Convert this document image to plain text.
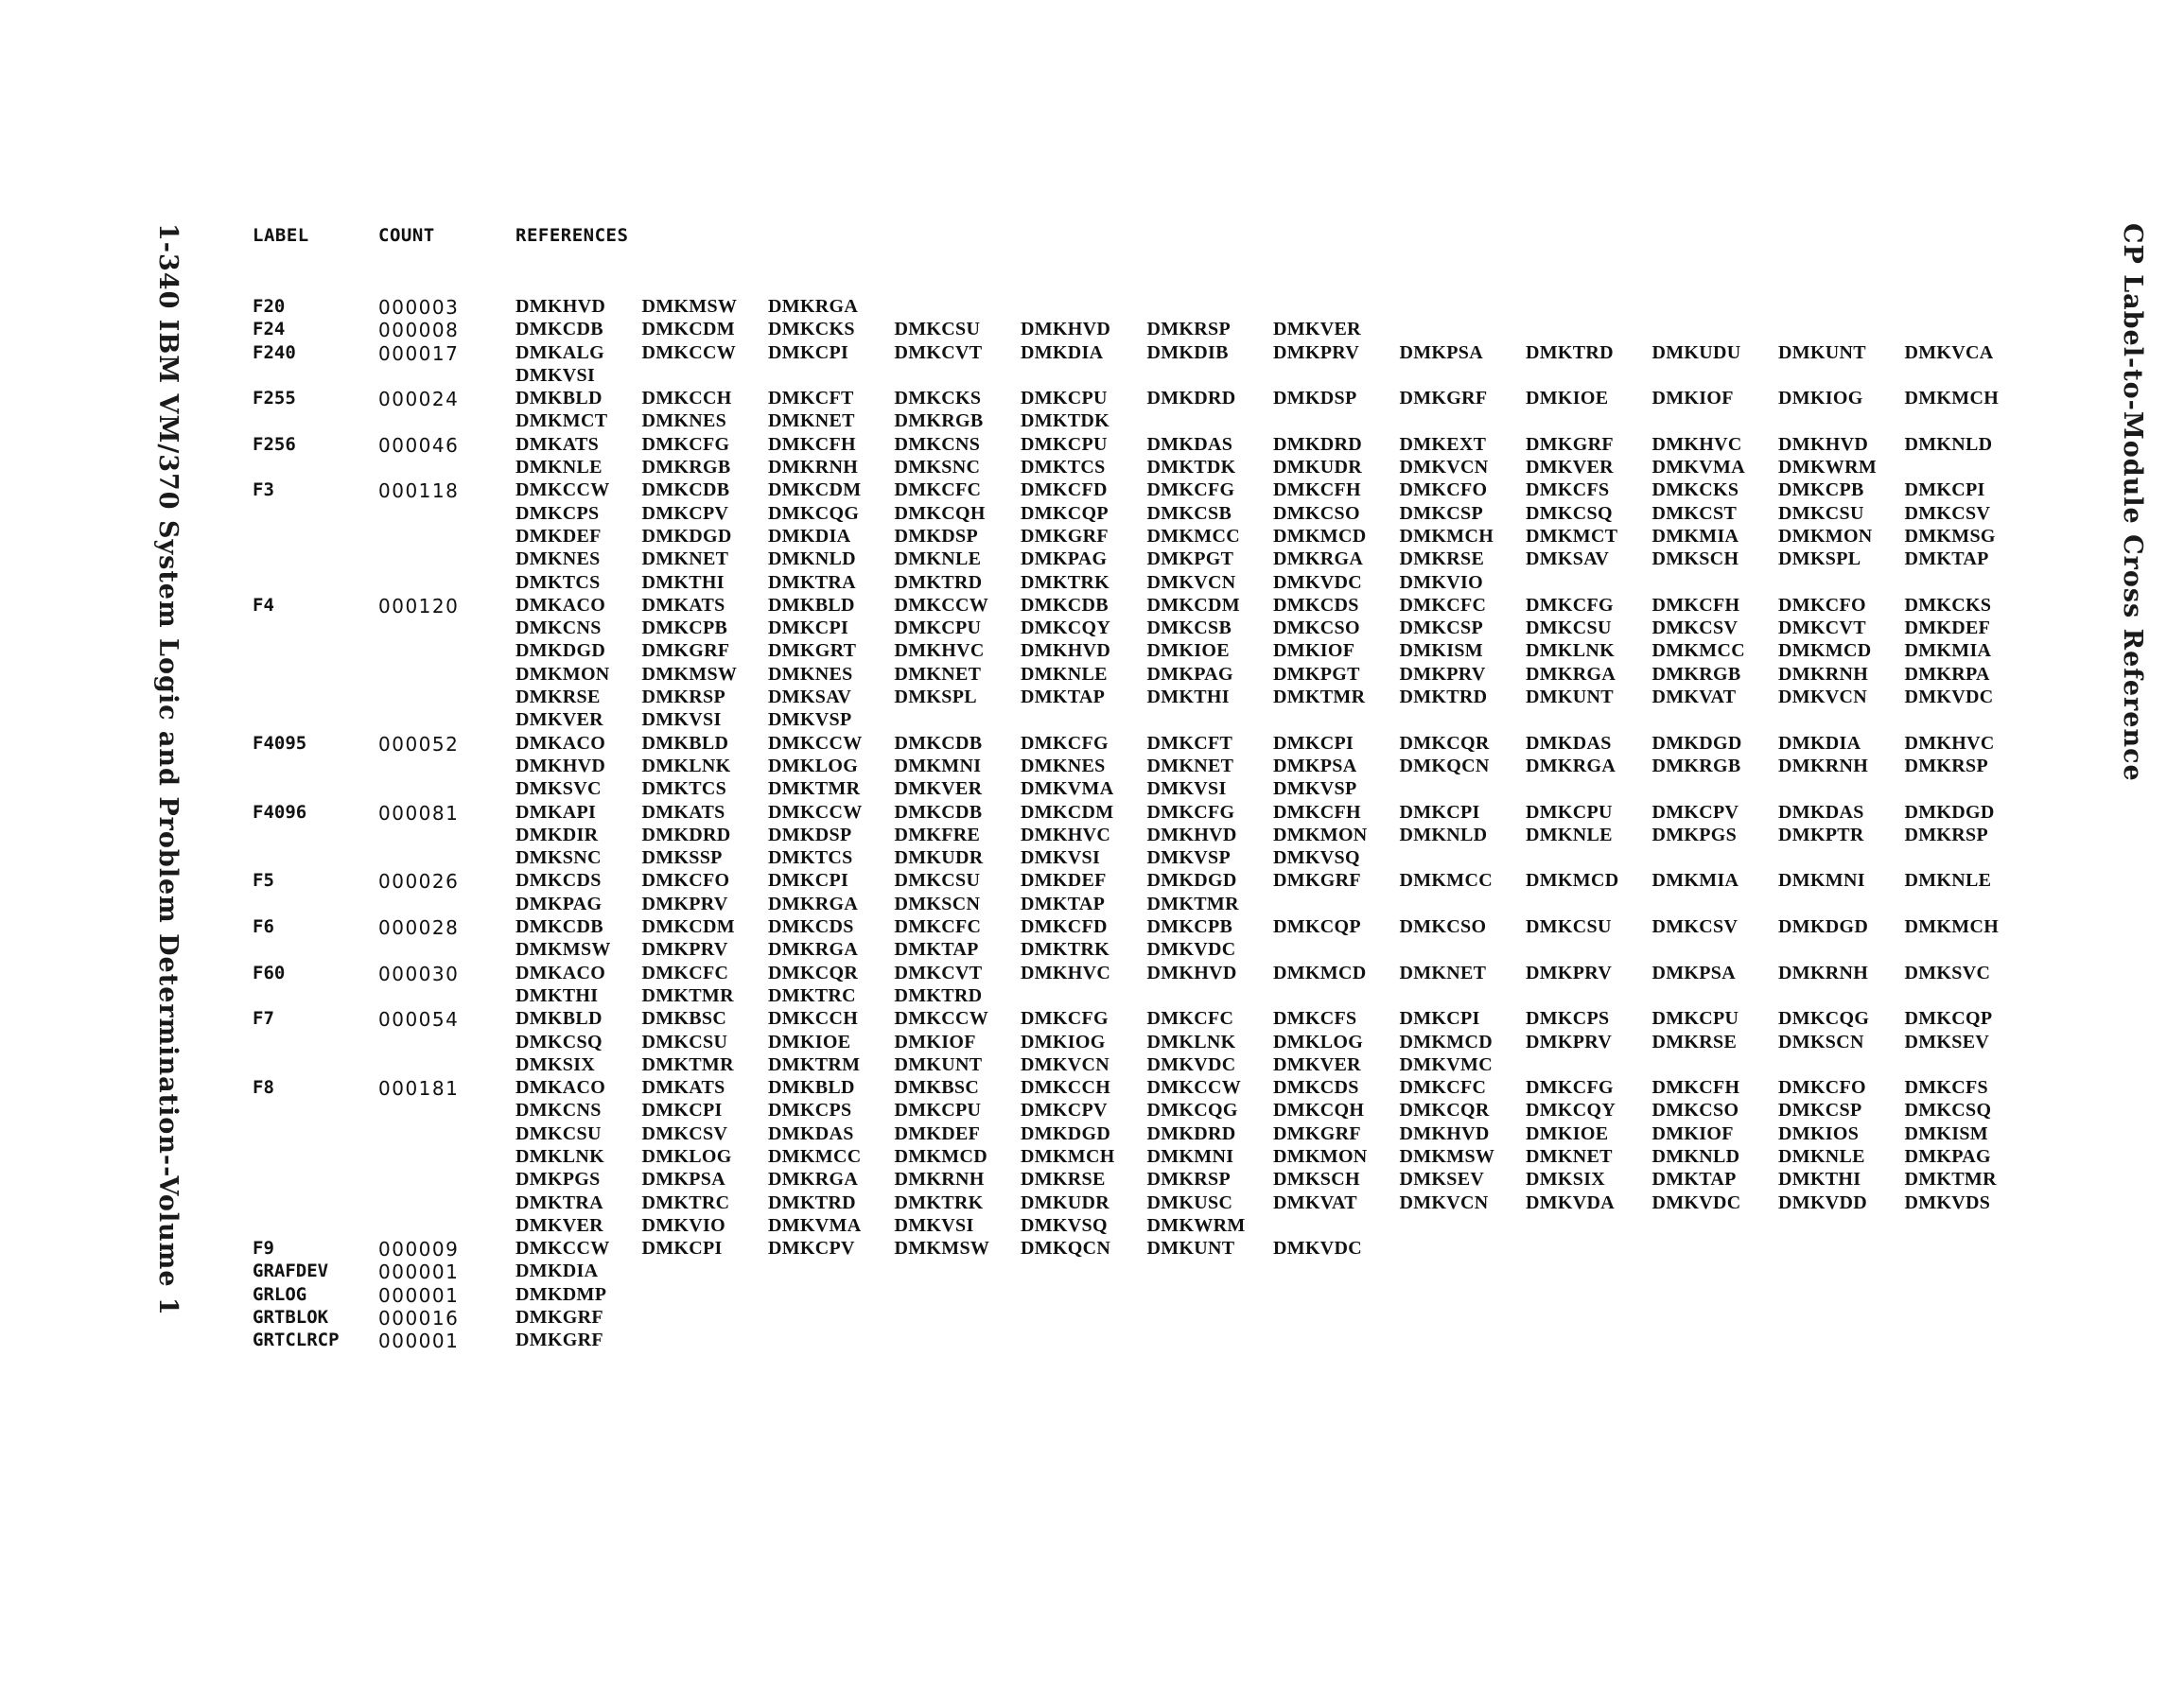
1-340 IBM VM/370 System Logic and Problem Determination--Volume 1	CP Label-to-Module Cross Reference
LABEL	COUNT	REFERENCES
F20	000003	DMKHVD	DMKMSW	DMKRGA
F24	000008	DMKCDB	DMKCDM	DMKCKS	DMKCSU	DMKHVD	DMKRSP	DMKVER
F240	000017	DMKALG	DMKCCW	DMKCPI	DMKCVT	DMKDIA	DMKDIB	DMKPRV	DMKPSA	DMKTRD	DMKUDU	DMKUNT	DMKVCA
DMKVSI
F255	000024	DMKBLD	DMKCCH	DMKCFT	DMKCKS	DMKCPU	DMKDRD	DMKDSP	DMKGRF	DMKIOE	DMKIOF	DMKIOG	DMKMCH
DMKMCT	DMKNES	DMKNET	DMKRGB	DMKTDK
F256	000046	DMKATS	DMKCFG	DMKCFH	DMKCNS	DMKCPU	DMKDAS	DMKDRD	DMKEXT	DMKGRF	DMKHVC	DMKHVD	DMKNLD
DMKNLE	DMKRGB	DMKRNH	DMKSNC	DMKTCS	DMKTDK	DMKUDR	DMKVCN	DMKVER	DMKVMA	DMKWRM
F3	000118	DMKCCW	DMKCDB	DMKCDM	DMKCFC	DMKCFD	DMKCFG	DMKCFH	DMKCFO	DMKCFS	DMKCKS	DMKCPB	DMKCPI
DMKCPS	DMKCPV	DMKCQG	DMKCQH	DMKCQP	DMKCSB	DMKCSO	DMKCSP	DMKCSQ	DMKCST	DMKCSU	DMKCSV
DMKDEF	DMKDGD	DMKDIA	DMKDSP	DMKGRF	DMKMCC	DMKMCD	DMKMCH	DMKMCT	DMKMIA	DMKMON	DMKMSG
DMKNES	DMKNET	DMKNLD	DMKNLE	DMKPAG	DMKPGT	DMKRGA	DMKRSE	DMKSAV	DMKSCH	DMKSPL	DMKTAP
DMKTCS	DMKTHI	DMKTRA	DMKTRD	DMKTRK	DMKVCN	DMKVDC	DMKVIO
F4	000120	DMKACO	DMKATS	DMKBLD	DMKCCW	DMKCDB	DMKCDM	DMKCDS	DMKCFC	DMKCFG	DMKCFH	DMKCFO	DMKCKS
DMKCNS	DMKCPB	DMKCPI	DMKCPU	DMKCQY	DMKCSB	DMKCSO	DMKCSP	DMKCSU	DMKCSV	DMKCVT	DMKDEF
DMKDGD	DMKGRF	DMKGRT	DMKHVC	DMKHVD	DMKIOE	DMKIOF	DMKISM	DMKLNK	DMKMCC	DMKMCD	DMKMIA
DMKMON	DMKMSW	DMKNES	DMKNET	DMKNLE	DMKPAG	DMKPGT	DMKPRV	DMKRGA	DMKRGB	DMKRNH	DMKRPA
DMKRSE	DMKRSP	DMKSAV	DMKSPL	DMKTAP	DMKTHI	DMKTMR	DMKTRD	DMKUNT	DMKVAT	DMKVCN	DMKVDC
DMKVER	DMKVSI	DMKVSP
F4095	000052	DMKACO	DMKBLD	DMKCCW	DMKCDB	DMKCFG	DMKCFT	DMKCPI	DMKCQR	DMKDAS	DMKDGD	DMKDIA	DMKHVC
DMKHVD	DMKLNK	DMKLOG	DMKMNI	DMKNES	DMKNET	DMKPSA	DMKQCN	DMKRGA	DMKRGB	DMKRNH	DMKRSP
DMKSVC	DMKTCS	DMKTMR	DMKVER	DMKVMA	DMKVSI	DMKVSP
F4096	000081	DMKAPI	DMKATS	DMKCCW	DMKCDB	DMKCDM	DMKCFG	DMKCFH	DMKCPI	DMKCPU	DMKCPV	DMKDAS	DMKDGD
DMKDIR	DMKDRD	DMKDSP	DMKFRE	DMKHVC	DMKHVD	DMKMON	DMKNLD	DMKNLE	DMKPGS	DMKPTR	DMKRSP
DMKSNC	DMKSSP	DMKTCS	DMKUDR	DMKVSI	DMKVSP	DMKVSQ
F5	000026	DMKCDS	DMKCFO	DMKCPI	DMKCSU	DMKDEF	DMKDGD	DMKGRF	DMKMCC	DMKMCD	DMKMIA	DMKMNI	DMKNLE
DMKPAG	DMKPRV	DMKRGA	DMKSCN	DMKTAP	DMKTMR
F6	000028	DMKCDB	DMKCDM	DMKCDS	DMKCFC	DMKCFD	DMKCPB	DMKCQP	DMKCSO	DMKCSU	DMKCSV	DMKDGD	DMKMCH
DMKMSW	DMKPRV	DMKRGA	DMKTAP	DMKTRK	DMKVDC
F60	000030	DMKACO	DMKCFC	DMKCQR	DMKCVT	DMKHVC	DMKHVD	DMKMCD	DMKNET	DMKPRV	DMKPSA	DMKRNH	DMKSVC
DMKTHI	DMKTMR	DMKTRC	DMKTRD
F7	000054	DMKBLD	DMKBSC	DMKCCH	DMKCCW	DMKCFG	DMKCFC	DMKCFS	DMKCPI	DMKCPS	DMKCPU	DMKCQG	DMKCQP
DMKCSQ	DMKCSU	DMKIOE	DMKIOF	DMKIOG	DMKLNK	DMKLOG	DMKMCD	DMKPRV	DMKRSE	DMKSCN	DMKSEV
DMKSIX	DMKTMR	DMKTRM	DMKUNT	DMKVCN	DMKVDC	DMKVER	DMKVMC
F8	000181	DMKACO	DMKATS	DMKBLD	DMKBSC	DMKCCH	DMKCCW	DMKCDS	DMKCFC	DMKCFG	DMKCFH	DMKCFO	DMKCFS
DMKCNS	DMKCPI	DMKCPS	DMKCPU	DMKCPV	DMKCQG	DMKCQH	DMKCQR	DMKCQY	DMKCSO	DMKCSP	DMKCSQ
DMKCSU	DMKCSV	DMKDAS	DMKDEF	DMKDGD	DMKDRD	DMKGRF	DMKHVD	DMKIOE	DMKIOF	DMKIOS	DMKISM
DMKLNK	DMKLOG	DMKMCC	DMKMCD	DMKMCH	DMKMNI	DMKMON	DMKMSW	DMKNET	DMKNLD	DMKNLE	DMKPAG
DMKPGS	DMKPSA	DMKRGA	DMKRNH	DMKRSE	DMKRSP	DMKSCH	DMKSEV	DMKSIX	DMKTAP	DMKTHI	DMKTMR
DMKTRA	DMKTRC	DMKTRD	DMKTRK	DMKUDR	DMKUSC	DMKVAT	DMKVCN	DMKVDA	DMKVDC	DMKVDD	DMKVDS
DMKVER	DMKVIO	DMKVMA	DMKVSI	DMKVSQ	DMKWRM
F9	000009	DMKCCW	DMKCPI	DMKCPV	DMKMSW	DMKQCN	DMKUNT	DMKVDC
GRAFDEV	000001	DMKDIA
GRLOG	000001	DMKDMP
GRTBLOK	000016	DMKGRF
GRTCLRCP 000001	DMKGRF
